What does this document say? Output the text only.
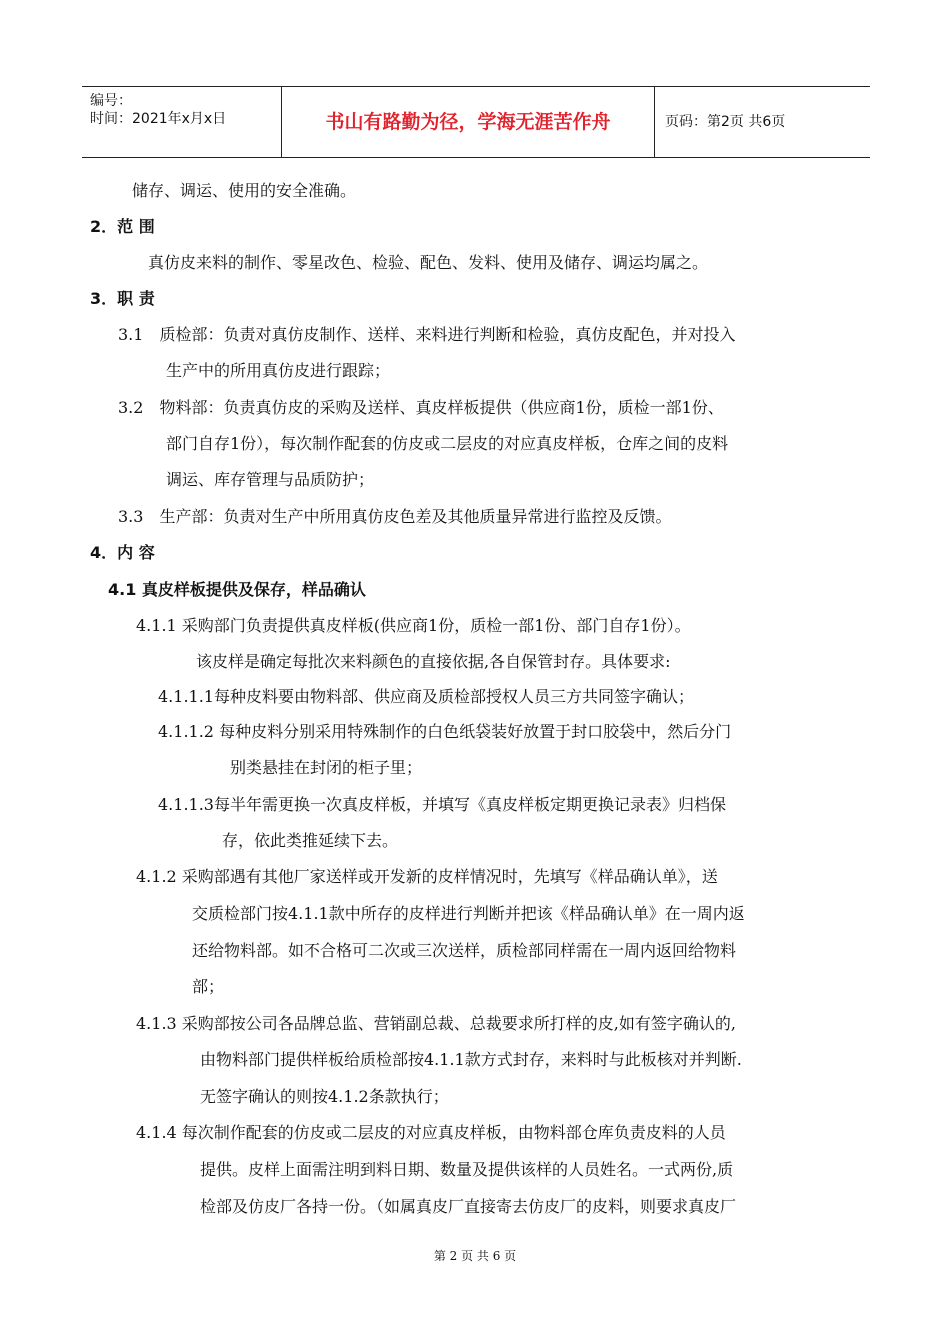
编号：
时间：2021年x月x日	书山有路勤为径，学海无涯苦作舟	页码：第2页 共6页
储存、调运、使用的安全准确。
2．范 围
真仿皮来料的制作、零星改色、检验、配色、发料、使用及储存、调运均属之。
3．职 责
3.1　质检部：负责对真仿皮制作、送样、来料进行判断和检验，真仿皮配色，并对投入
生产中的所用真仿皮进行跟踪；
3.2　物料部：负责真仿皮的采购及送样、真皮样板提供（供应商1份，质检一部1份、
部门自存1份），每次制作配套的仿皮或二层皮的对应真皮样板，仓库之间的皮料
调运、库存管理与品质防护；
3.3　生产部：负责对生产中所用真仿皮色差及其他质量异常进行监控及反馈。
4．内 容
4.1 真皮样板提供及保存，样品确认
4.1.1 采购部门负责提供真皮样板(供应商1份，质检一部1份、部门自存1份）。
该皮样是确定每批次来料颜色的直接依据,各自保管封存。具体要求:
4.1.1.1每种皮料要由物料部、供应商及质检部授权人员三方共同签字确认；
4.1.1.2 每种皮料分别采用特殊制作的白色纸袋装好放置于封口胶袋中，然后分门
别类悬挂在封闭的柜子里；
4.1.1.3每半年需更换一次真皮样板，并填写《真皮样板定期更换记录表》归档保
存，依此类推延续下去。
4.1.2 采购部遇有其他厂家送样或开发新的皮样情况时，先填写《样品确认单》，送
交质检部门按4.1.1款中所存的皮样进行判断并把该《样品确认单》在一周内返
还给物料部。如不合格可二次或三次送样，质检部同样需在一周内返回给物料
部；
4.1.3 采购部按公司各品牌总监、营销副总裁、总裁要求所打样的皮,如有签字确认的,
由物料部门提供样板给质检部按4.1.1款方式封存，来料时与此板核对并判断.
无签字确认的则按4.1.2条款执行；
4.1.4 每次制作配套的仿皮或二层皮的对应真皮样板，由物料部仓库负责皮料的人员
提供。皮样上面需注明到料日期、数量及提供该样的人员姓名。一式两份,质
检部及仿皮厂各持一份。（如属真皮厂直接寄去仿皮厂的皮料，则要求真皮厂
第 2 页 共 6 页
